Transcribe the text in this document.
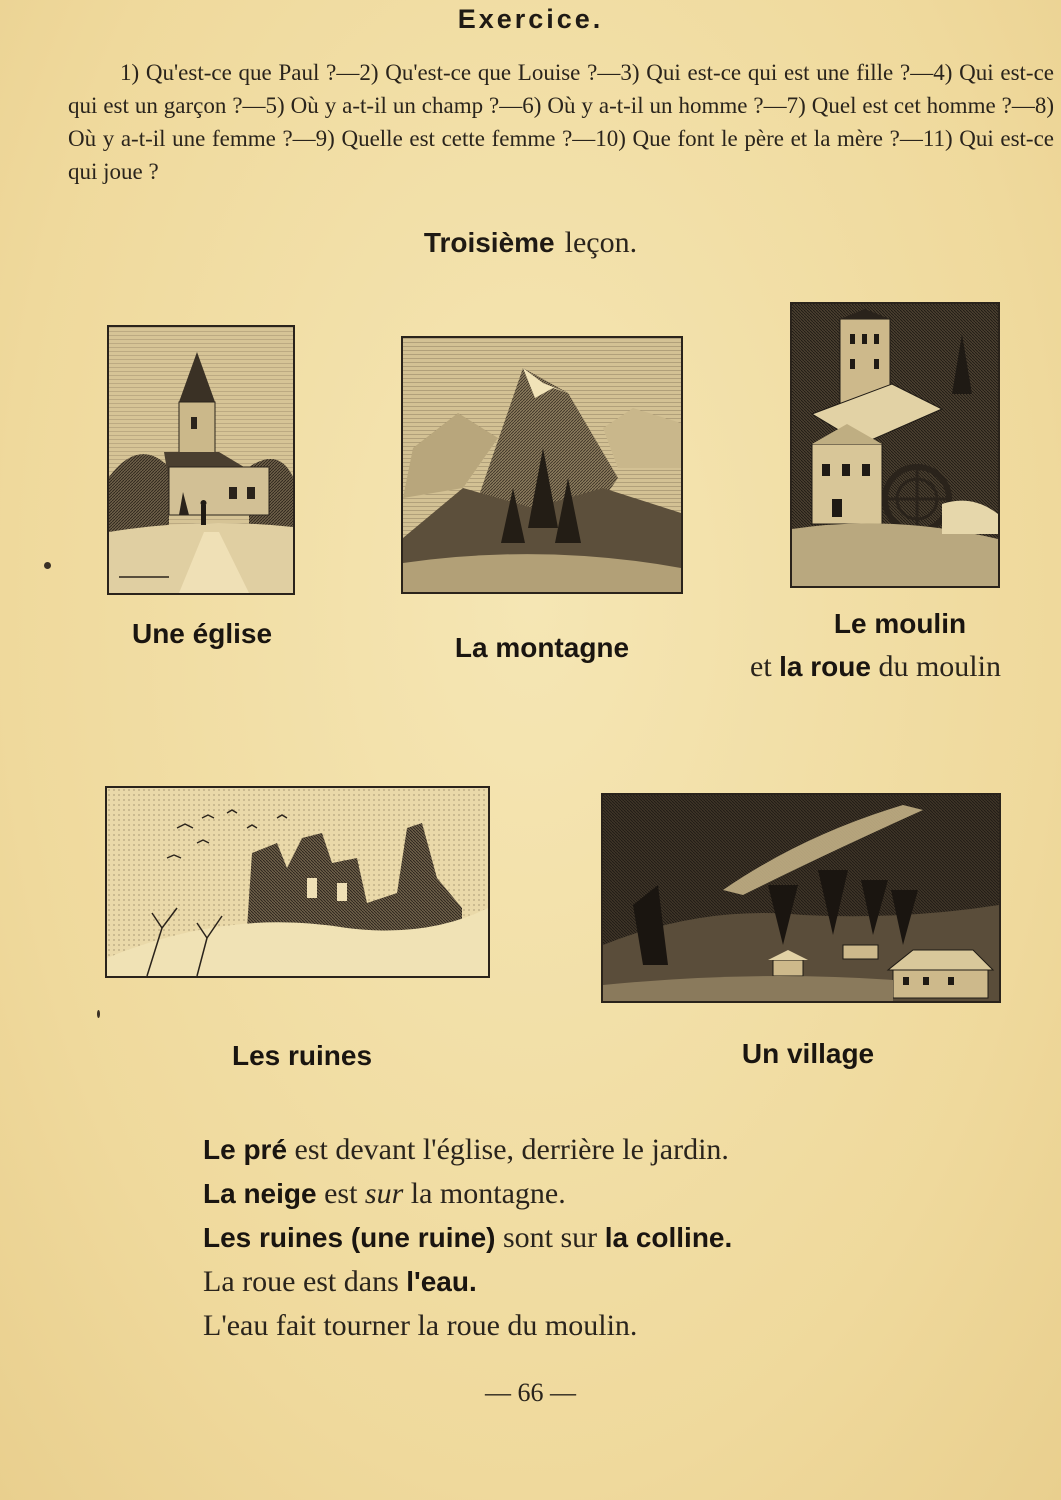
Exercice.
1) Qu'est-ce que Paul ?—2) Qu'est-ce que Louise ?—3) Qui est-ce qui est une fille ?—4) Qui est-ce qui est un garçon ?—5) Où y a-t-il un champ ?—6) Où y a-t-il un homme ?—7) Quel est cet homme ?—8) Où y a-t-il une femme ?—9) Quelle est cette femme ?—10) Que font le père et la mère ?—11) Qui est-ce qui joue ?
Troisième leçon.
Une église	La montagne
Le moulin
et la roue du moulin
Les ruines	Un village
Le pré est devant l'église, derrière le jardin.
La neige est sur la montagne.
Les ruines (une ruine) sont sur la colline.
La roue est dans l'eau.
L'eau fait tourner la roue du moulin.
— 66 —
